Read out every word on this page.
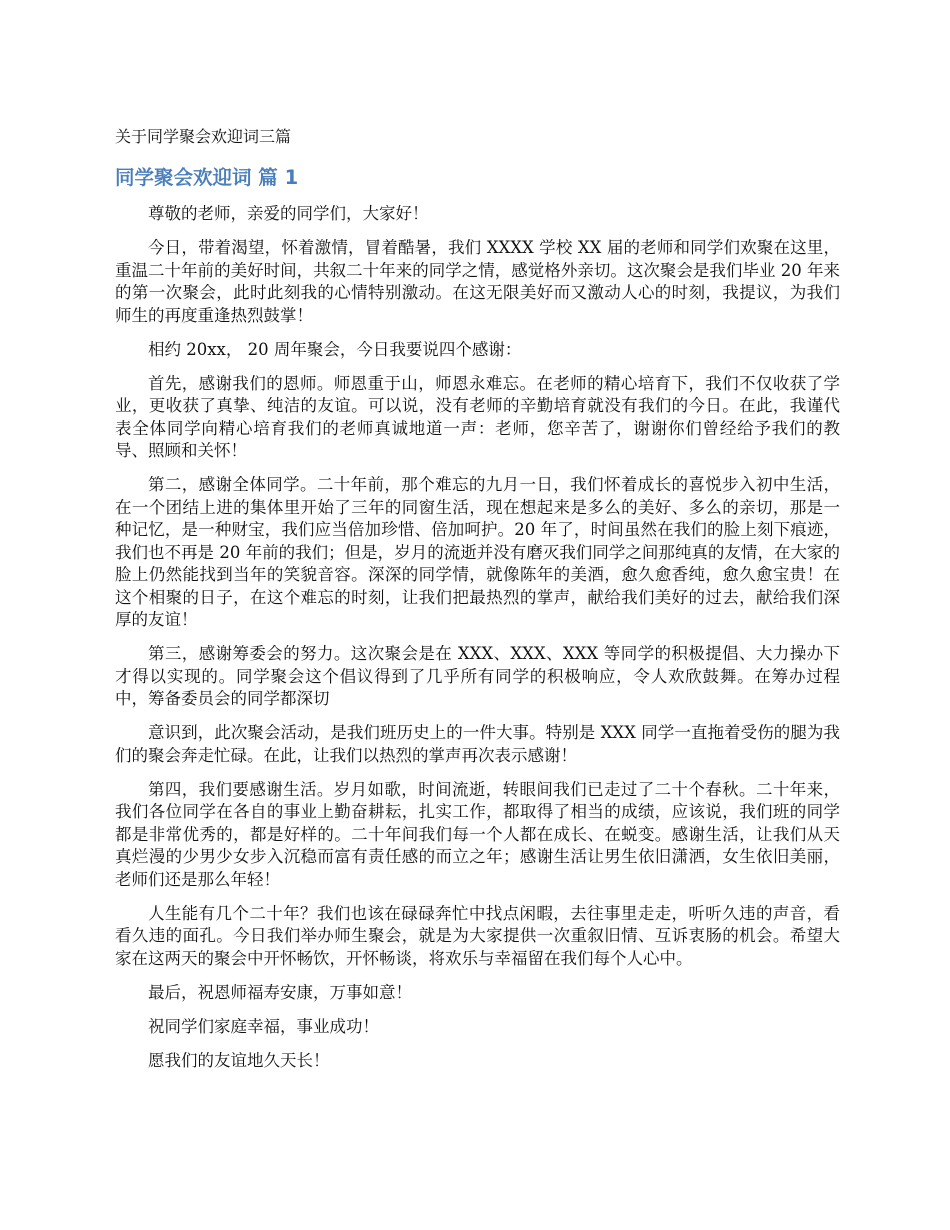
关于同学聚会欢迎词三篇
同学聚会欢迎词 篇 1

尊敬的老师，亲爱的同学们，大家好！

今日，带着渴望，怀着激情，冒着酷暑，我们 XXXX 学校 XX 届的老师和同学们欢聚在这里，重温二十年前的美好时间，共叙二十年来的同学之情，感觉格外亲切。这次聚会是我们毕业 20 年来的第一次聚会，此时此刻我的心情特别激动。在这无限美好而又激动人心的时刻，我提议，为我们师生的再度重逢热烈鼓掌！

相约 20xx， 20 周年聚会，今日我要说四个感谢：

首先，感谢我们的恩师。师恩重于山，师恩永难忘。在老师的精心培育下，我们不仅收获了学业，更收获了真挚、纯洁的友谊。可以说，没有老师的辛勤培育就没有我们的今日。在此，我谨代表全体同学向精心培育我们的老师真诚地道一声：老师，您辛苦了，谢谢你们曾经给予我们的教导、照顾和关怀！

第二，感谢全体同学。二十年前，那个难忘的九月一日，我们怀着成长的喜悦步入初中生活，在一个团结上进的集体里开始了三年的同窗生活，现在想起来是多么的美好、多么的亲切，那是一种记忆，是一种财宝，我们应当倍加珍惜、倍加呵护。20 年了，时间虽然在我们的脸上刻下痕迹，我们也不再是 20 年前的我们；但是，岁月的流逝并没有磨灭我们同学之间那纯真的友情，在大家的脸上仍然能找到当年的笑貌音容。深深的同学情，就像陈年的美酒，愈久愈香纯，愈久愈宝贵！在这个相聚的日子，在这个难忘的时刻，让我们把最热烈的掌声，献给我们美好的过去，献给我们深厚的友谊！

第三，感谢筹委会的努力。这次聚会是在 XXX、XXX、XXX 等同学的积极提倡、大力操办下才得以实现的。同学聚会这个倡议得到了几乎所有同学的积极响应，令人欢欣鼓舞。在筹办过程中，筹备委员会的同学都深切

意识到，此次聚会活动，是我们班历史上的一件大事。特别是 XXX 同学一直拖着受伤的腿为我们的聚会奔走忙碌。在此，让我们以热烈的掌声再次表示感谢！

第四，我们要感谢生活。岁月如歌，时间流逝，转眼间我们已走过了二十个春秋。二十年来，我们各位同学在各自的事业上勤奋耕耘，扎实工作，都取得了相当的成绩，应该说，我们班的同学都是非常优秀的，都是好样的。二十年间我们每一个人都在成长、在蜕变。感谢生活，让我们从天真烂漫的少男少女步入沉稳而富有责任感的而立之年；感谢生活让男生依旧潇洒，女生依旧美丽，老师们还是那么年轻！

人生能有几个二十年？我们也该在碌碌奔忙中找点闲暇，去往事里走走，听听久违的声音，看看久违的面孔。今日我们举办师生聚会，就是为大家提供一次重叙旧情、互诉衷肠的机会。希望大家在这两天的聚会中开怀畅饮，开怀畅谈，将欢乐与幸福留在我们每个人心中。

最后，祝恩师福寿安康，万事如意！

祝同学们家庭幸福，事业成功！

愿我们的友谊地久天长！
